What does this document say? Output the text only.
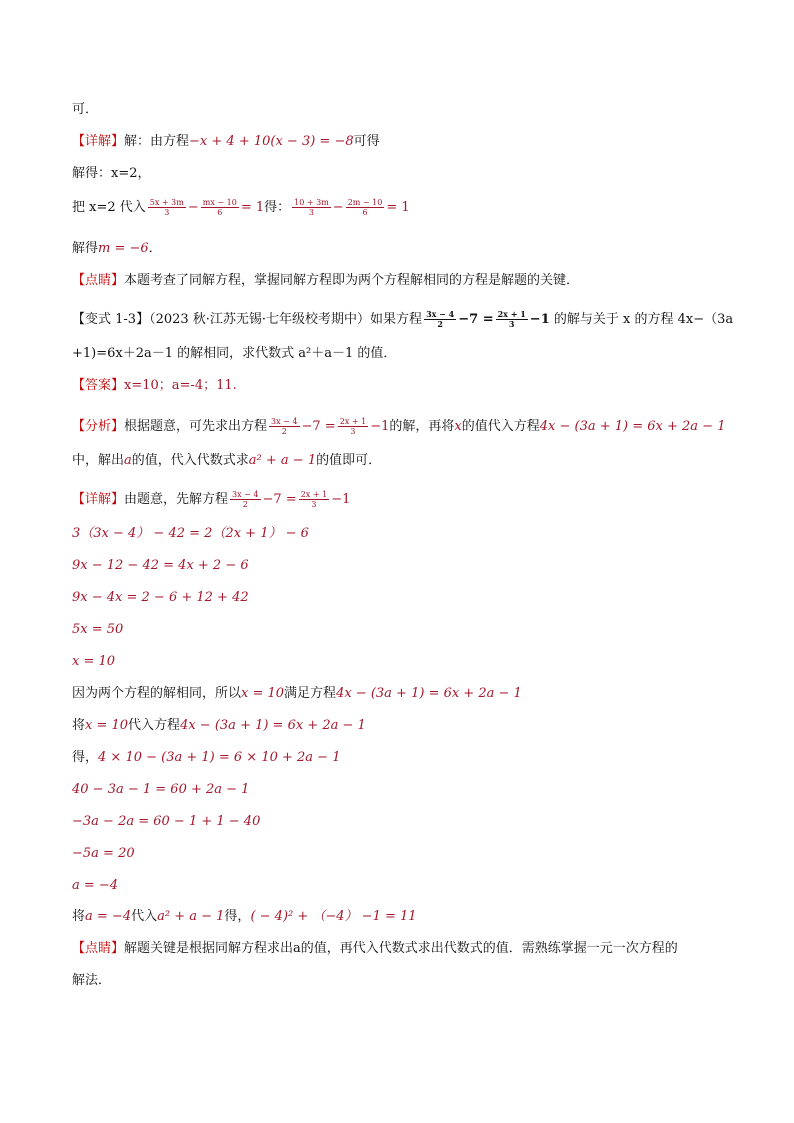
可．
【详解】解：由方程−x + 4 + 10(x − 3) = −8可得
解得：x=2，
把 x=2 代入 $\frac{5x + 3m}{3} - \frac{mx - 10}{6} = 1$得： $\frac{10 + 3m}{3} - \frac{2m - 10}{6} = 1$
解得m = −6．
【点睛】本题考查了同解方程，掌握同解方程即为两个方程解相同的方程是解题的关键．
【变式 1-3】（2023 秋·江苏无锡·七年级校考期中）如果方程 $\frac{3x - 4}{2} -7 = \frac{2x + 1}{3} -1$ 的解与关于 x 的方程 4x−（3a
+1)=6x＋2a－1 的解相同，求代数式 a²＋a－1 的值．
【答案】x=10；a=-4；11.
【分析】根据题意，可先求出方程 $\frac{3x - 4}{2} -7 = \frac{2x + 1}{3} -1$的解，再将x的值代入方程4x − (3a + 1) = 6x + 2a − 1
中，解出a的值，代入代数式求a² + a − 1的值即可．
【详解】由题意，先解方程 $\frac{3x - 4}{2} -7 = \frac{2x + 1}{3} -1$
3（3x − 4） − 42 = 2（2x + 1） − 6
9x − 12 − 42 = 4x + 2 − 6
9x − 4x = 2 − 6 + 12 + 42
5x = 50
x = 10
因为两个方程的解相同，所以x = 10满足方程4x − (3a + 1) = 6x + 2a − 1
将x = 10代入方程4x − (3a + 1) = 6x + 2a − 1
得，4 × 10 − (3a + 1) = 6 × 10 + 2a − 1
40 − 3a − 1 = 60 + 2a − 1
−3a − 2a = 60 − 1 + 1 − 40
−5a = 20
a = −4
将a = −4代入a² + a − 1得，( − 4)² + （−4） −1 = 11
【点睛】解题关键是根据同解方程求出a的值，再代入代数式求出代数式的值．需熟练掌握一元一次方程的
解法．
